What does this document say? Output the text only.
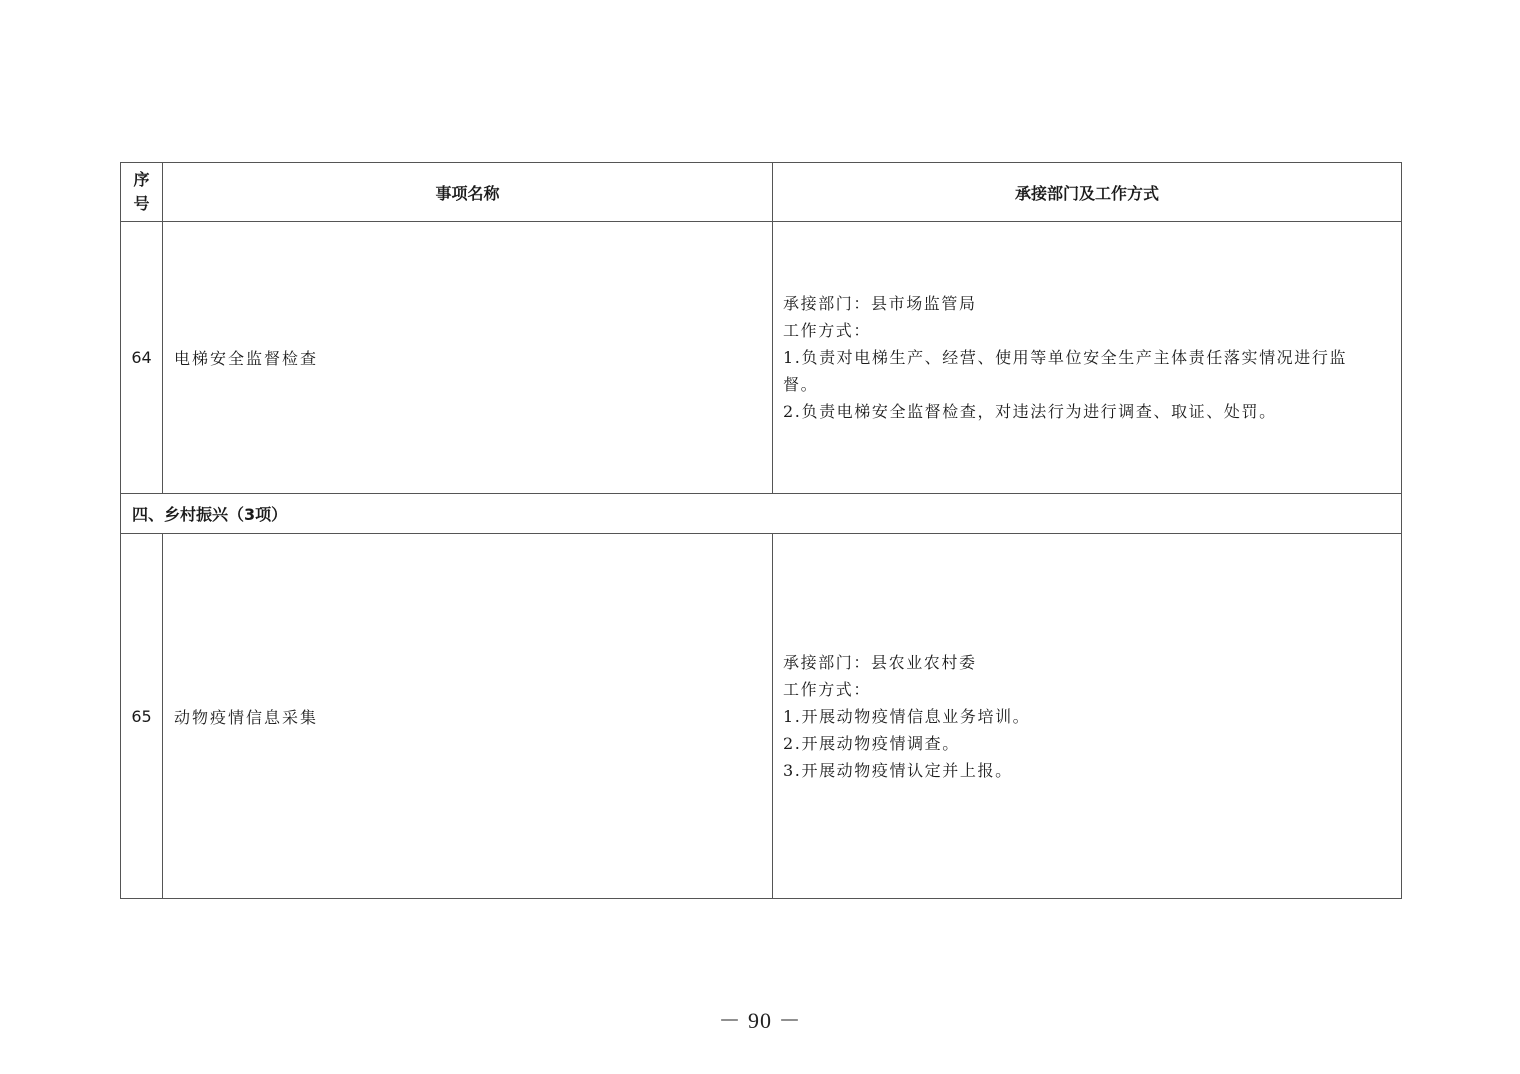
序
号	事项名称	承接部门及工作方式
64	电梯安全监督检查	承接部门：县市场监管局
工作方式：
1.负责对电梯生产、经营、使用等单位安全生产主体责任落实情况进行监
督。
2.负责电梯安全监督检查，对违法行为进行调查、取证、处罚。

四、乡村振兴（3项）		
65	动物疫情信息采集	承接部门：县农业农村委
工作方式：
1.开展动物疫情信息业务培训。
2.开展动物疫情调查。
3.开展动物疫情认定并上报。
－ 90 －
